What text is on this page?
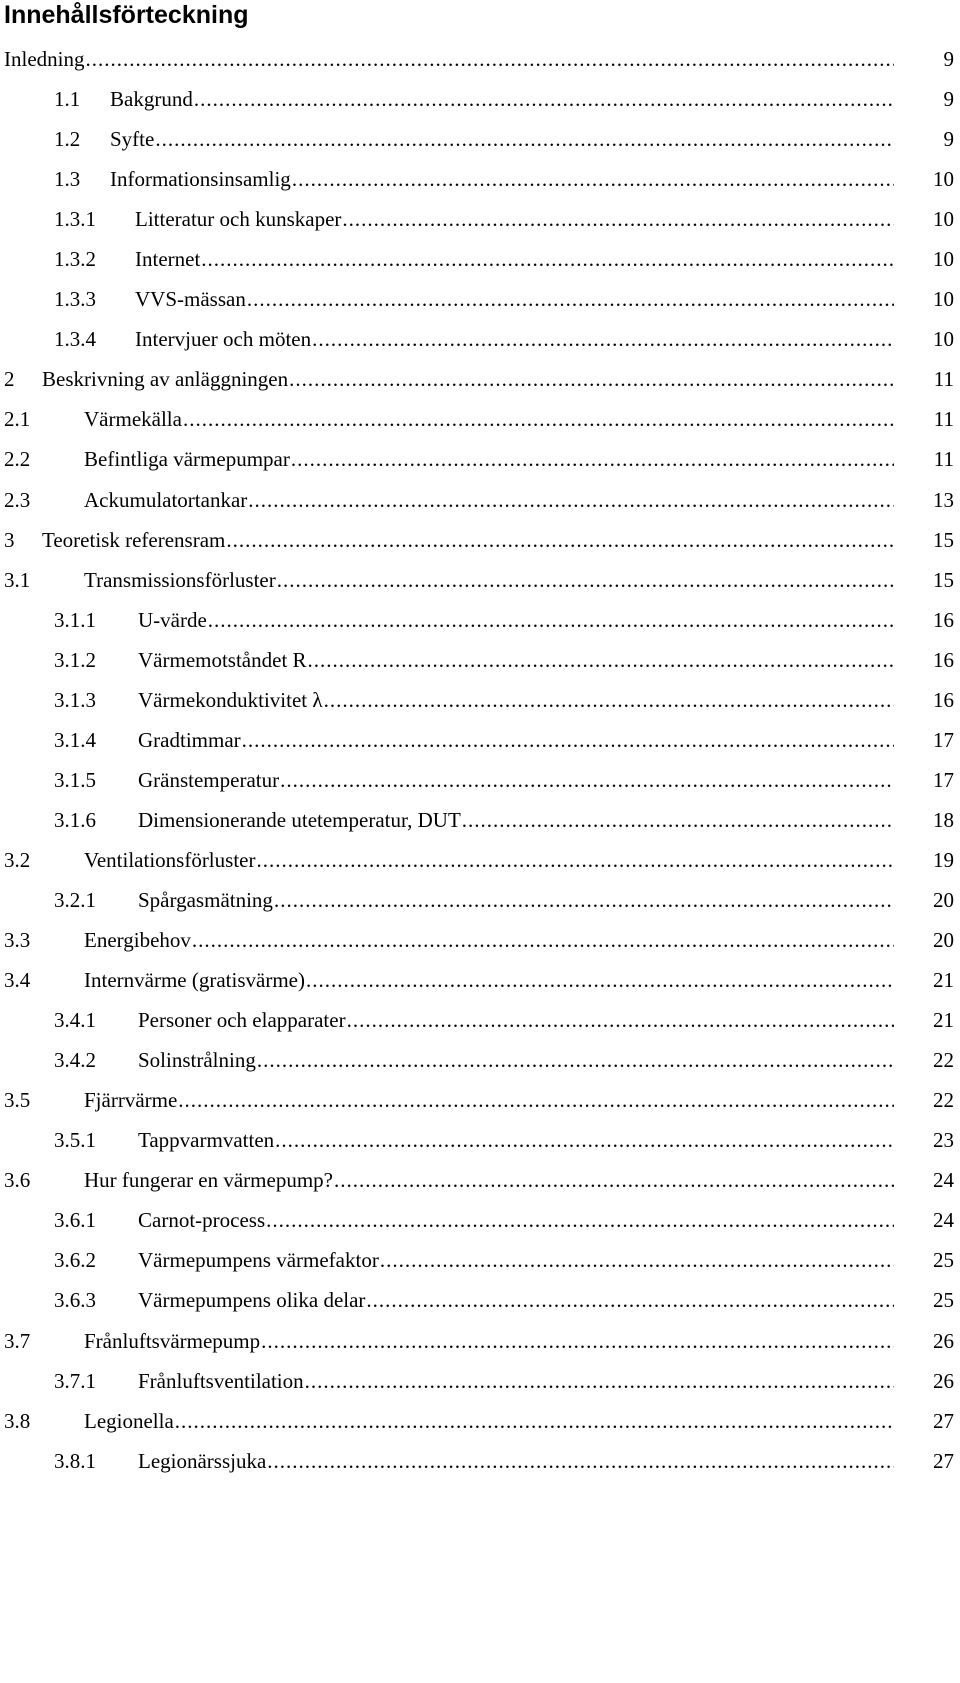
Innehållsförteckning
Inledning .....	9
1.1 Bakgrund .....	9
1.2 Syfte .....	9
1.3 Informationsinsamlig .....	10
1.3.1 Litteratur och kunskaper .....	10
1.3.2 Internet .....	10
1.3.3 VVS-mässan .....	10
1.3.4 Intervjuer och möten .....	10
2 Beskrivning av anläggningen .....	11
2.1	Värmekälla .....	11
2.2	Befintliga värmepumpar .....	11
2.3	Ackumulatortankar .....	13
3 Teoretisk referensram .....	15
3.1	Transmissionsförluster .....	15
3.1.1 U-värde .....	16
3.1.2 Värmemotståndet R .....	16
3.1.3 Värmekonduktivitet λ .....	16
3.1.4 Gradtimmar .....	17
3.1.5 Gränstemperatur .....	17
3.1.6 Dimensionerande utetemperatur, DUT .....	18
3.2	Ventilationsförluster .....	19
3.2.1 Spårgasmätning .....	20
3.3	Energibehov .....	20
3.4	Internvärme (gratisvärme) .....	21
3.4.1 Personer och elapparater .....	21
3.4.2 Solinstrålning .....	22
3.5	Fjärrvärme .....	22
3.5.1 Tappvarmvatten .....	23
3.6	Hur fungerar en värmepump? .....	24
3.6.1 Carnot-process .....	24
3.6.2 Värmepumpens värmefaktor .....	25
3.6.3 Värmepumpens olika delar .....	25
3.7	Frånluftsvärmepump .....	26
3.7.1 Frånluftsventilation .....	26
3.8	Legionella .....	27
3.8.1 Legionärssjuka .....	27
